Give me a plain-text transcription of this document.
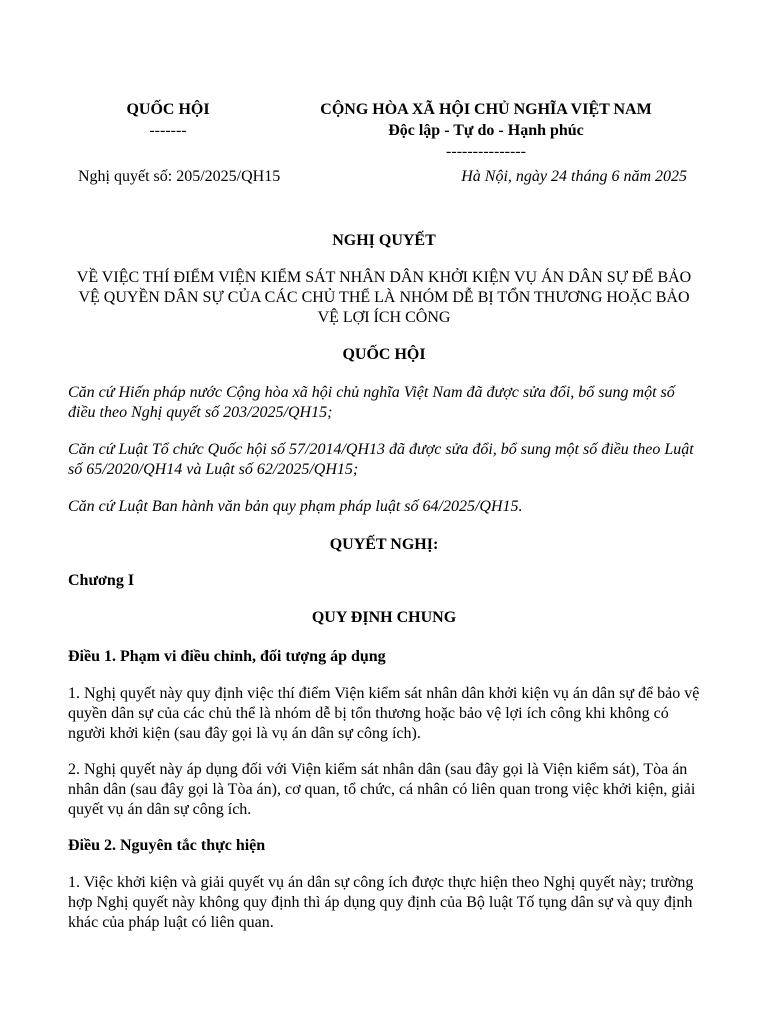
QUỐC HỘI
-------
CỘNG HÒA XÃ HỘI CHỦ NGHĨA VIỆT NAM
Độc lập - Tự do - Hạnh phúc
---------------
Nghị quyết số: 205/2025/QH15	Hà Nội, ngày 24 tháng 6 năm 2025
NGHỊ QUYẾT
VỀ VIỆC THÍ ĐIỂM VIỆN KIỂM SÁT NHÂN DÂN KHỞI KIỆN VỤ ÁN DÂN SỰ ĐỂ BẢO VỆ QUYỀN DÂN SỰ CỦA CÁC CHỦ THỂ LÀ NHÓM DỄ BỊ TỔN THƯƠNG HOẶC BẢO VỆ LỢI ÍCH CÔNG
QUỐC HỘI
Căn cứ Hiến pháp nước Cộng hòa xã hội chủ nghĩa Việt Nam đã được sửa đổi, bổ sung một số điều theo Nghị quyết số 203/2025/QH15;
Căn cứ Luật Tổ chức Quốc hội số 57/2014/QH13 đã được sửa đổi, bổ sung một số điều theo Luật số 65/2020/QH14 và Luật số 62/2025/QH15;
Căn cứ Luật Ban hành văn bản quy phạm pháp luật số 64/2025/QH15.
QUYẾT NGHỊ:
Chương I
QUY ĐỊNH CHUNG
Điều 1. Phạm vi điều chỉnh, đối tượng áp dụng
1. Nghị quyết này quy định việc thí điểm Viện kiểm sát nhân dân khởi kiện vụ án dân sự để bảo vệ quyền dân sự của các chủ thể là nhóm dễ bị tổn thương hoặc bảo vệ lợi ích công khi không có người khởi kiện (sau đây gọi là vụ án dân sự công ích).
2. Nghị quyết này áp dụng đối với Viện kiểm sát nhân dân (sau đây gọi là Viện kiểm sát), Tòa án nhân dân (sau đây gọi là Tòa án), cơ quan, tổ chức, cá nhân có liên quan trong việc khởi kiện, giải quyết vụ án dân sự công ích.
Điều 2. Nguyên tắc thực hiện
1. Việc khởi kiện và giải quyết vụ án dân sự công ích được thực hiện theo Nghị quyết này; trường hợp Nghị quyết này không quy định thì áp dụng quy định của Bộ luật Tố tụng dân sự và quy định khác của pháp luật có liên quan.
